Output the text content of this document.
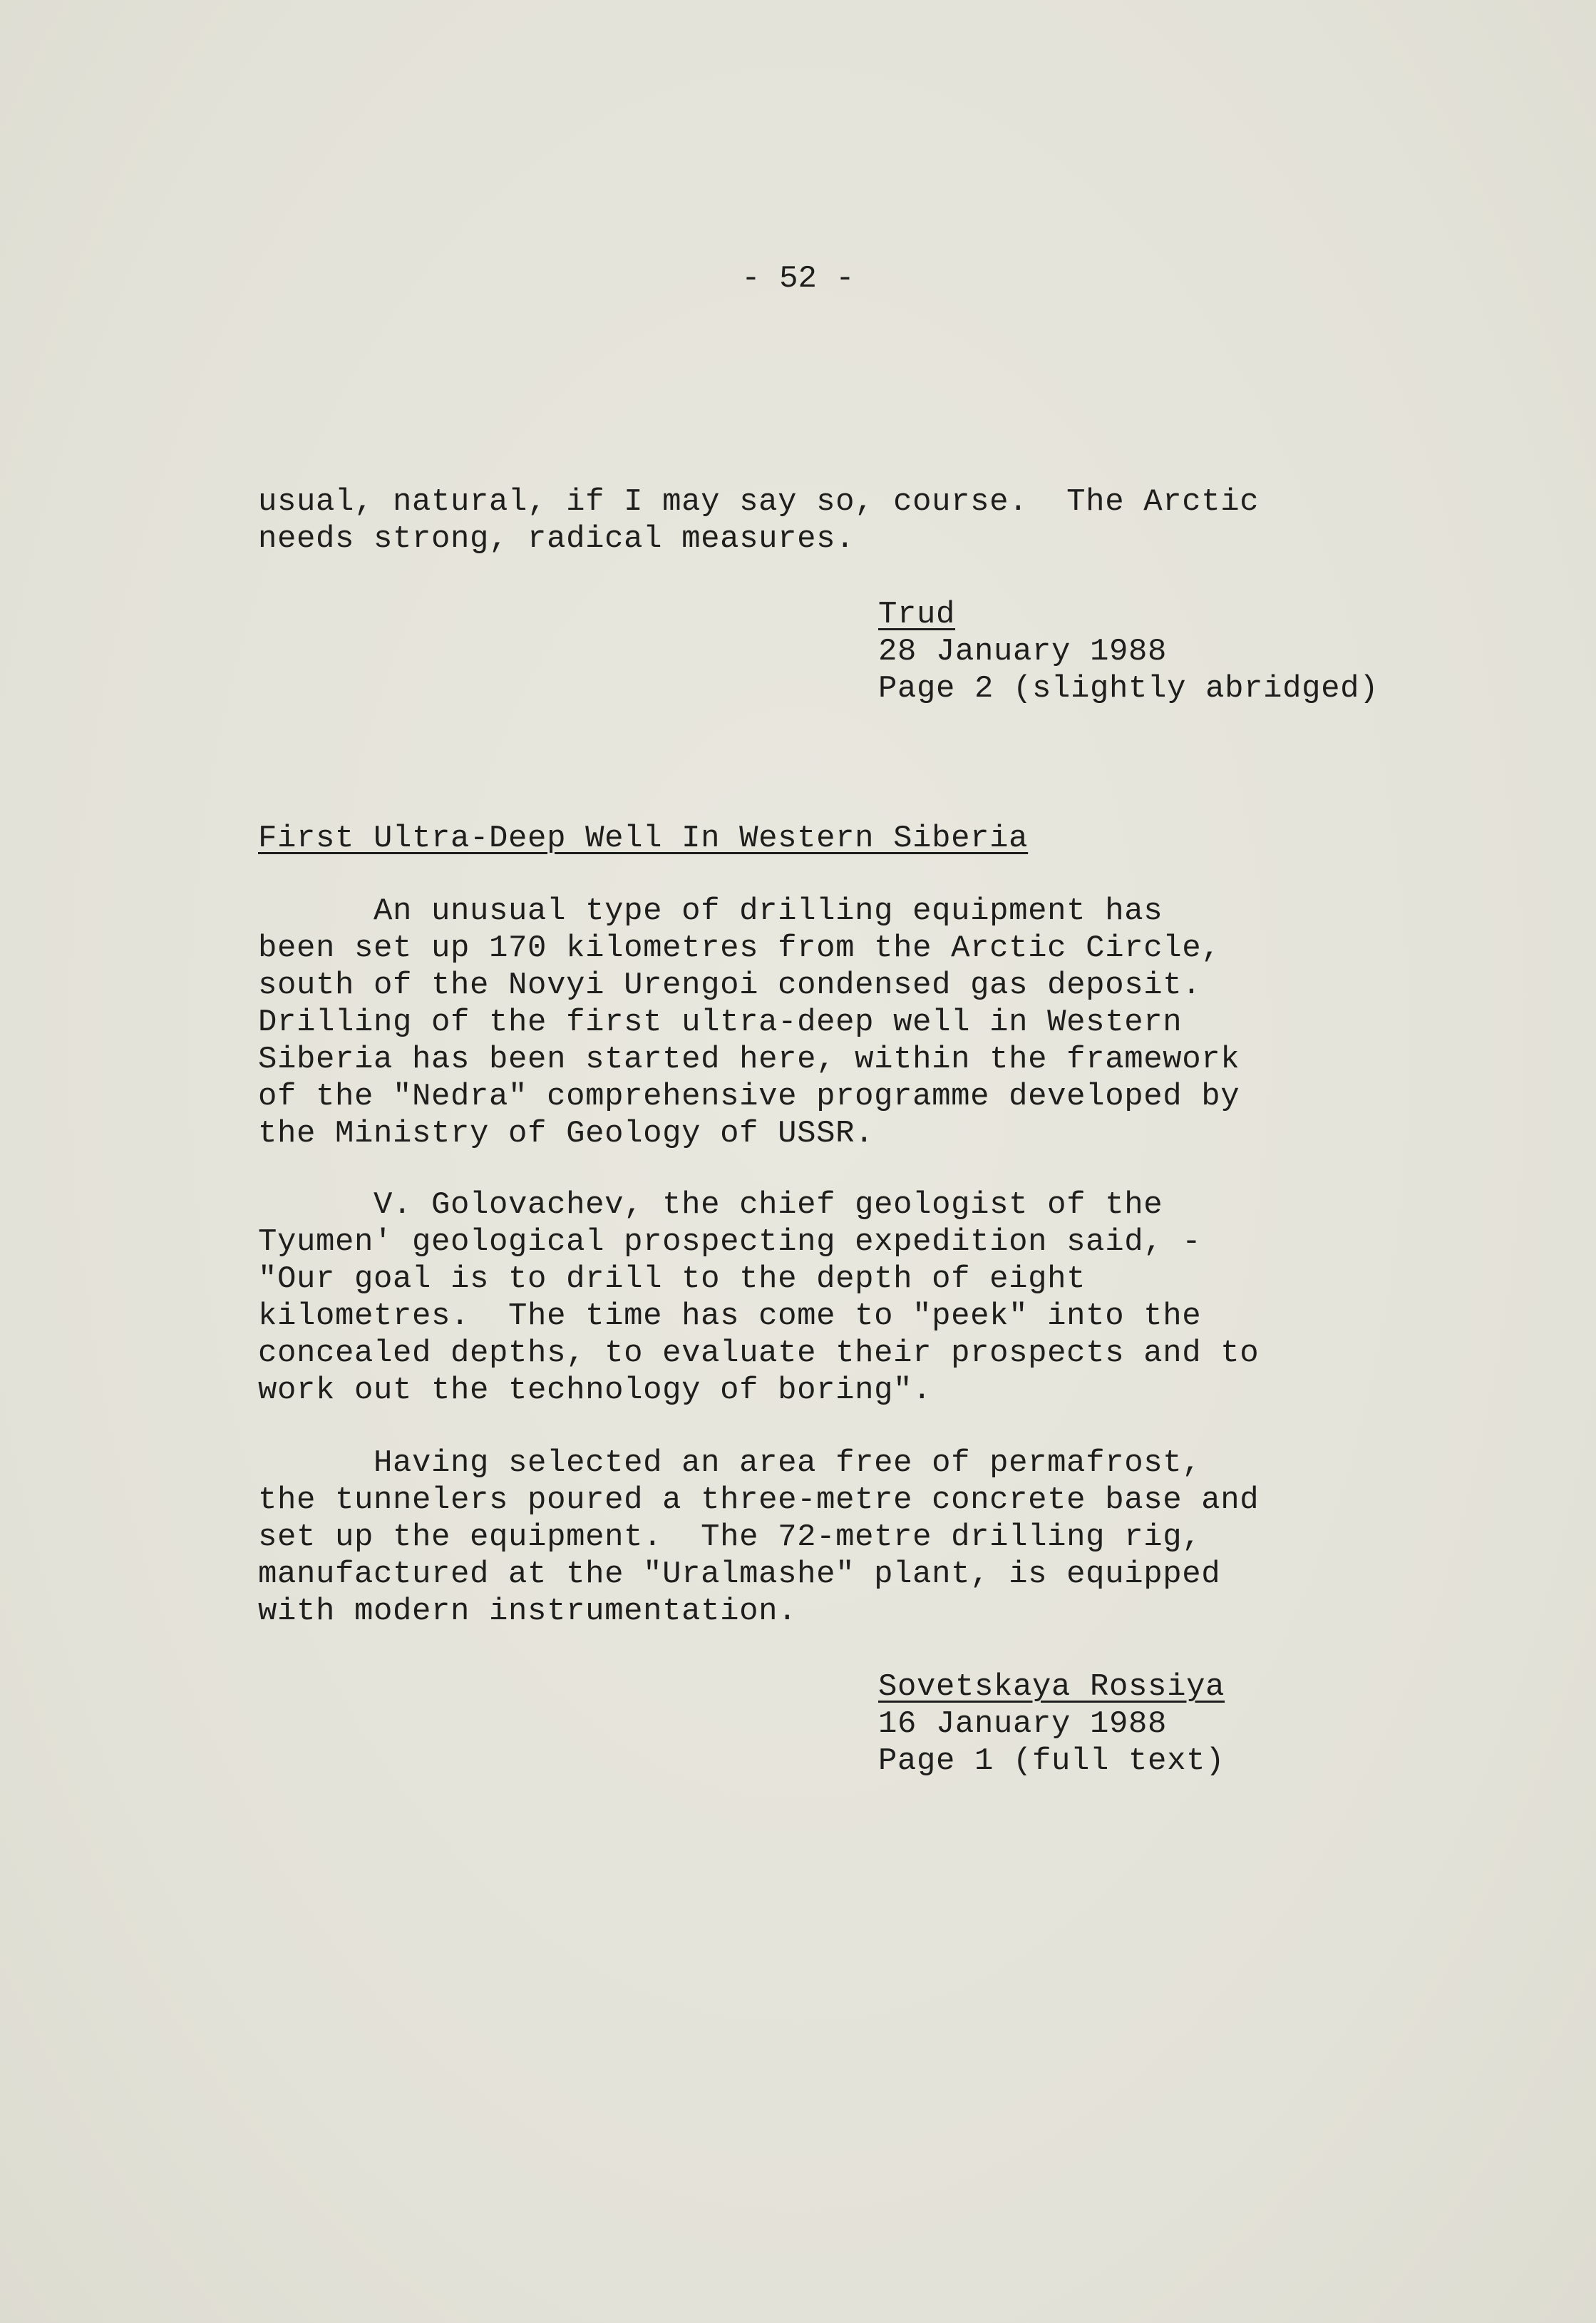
- 52 -
usual, natural, if I may say so, course.  The Arctic
needs strong, radical measures.
Trud
28 January 1988
Page 2 (slightly abridged)
First Ultra-Deep Well In Western Siberia
An unusual type of drilling equipment has
been set up 170 kilometres from the Arctic Circle,
south of the Novyi Urengoi condensed gas deposit.
Drilling of the first ultra-deep well in Western
Siberia has been started here, within the framework
of the "Nedra" comprehensive programme developed by
the Ministry of Geology of USSR.
V. Golovachev, the chief geologist of the
Tyumen' geological prospecting expedition said, -
"Our goal is to drill to the depth of eight
kilometres.  The time has come to "peek" into the
concealed depths, to evaluate their prospects and to
work out the technology of boring".
Having selected an area free of permafrost,
the tunnelers poured a three-metre concrete base and
set up the equipment.  The 72-metre drilling rig,
manufactured at the "Uralmashe" plant, is equipped
with modern instrumentation.
Sovetskaya Rossiya
16 January 1988
Page 1 (full text)
